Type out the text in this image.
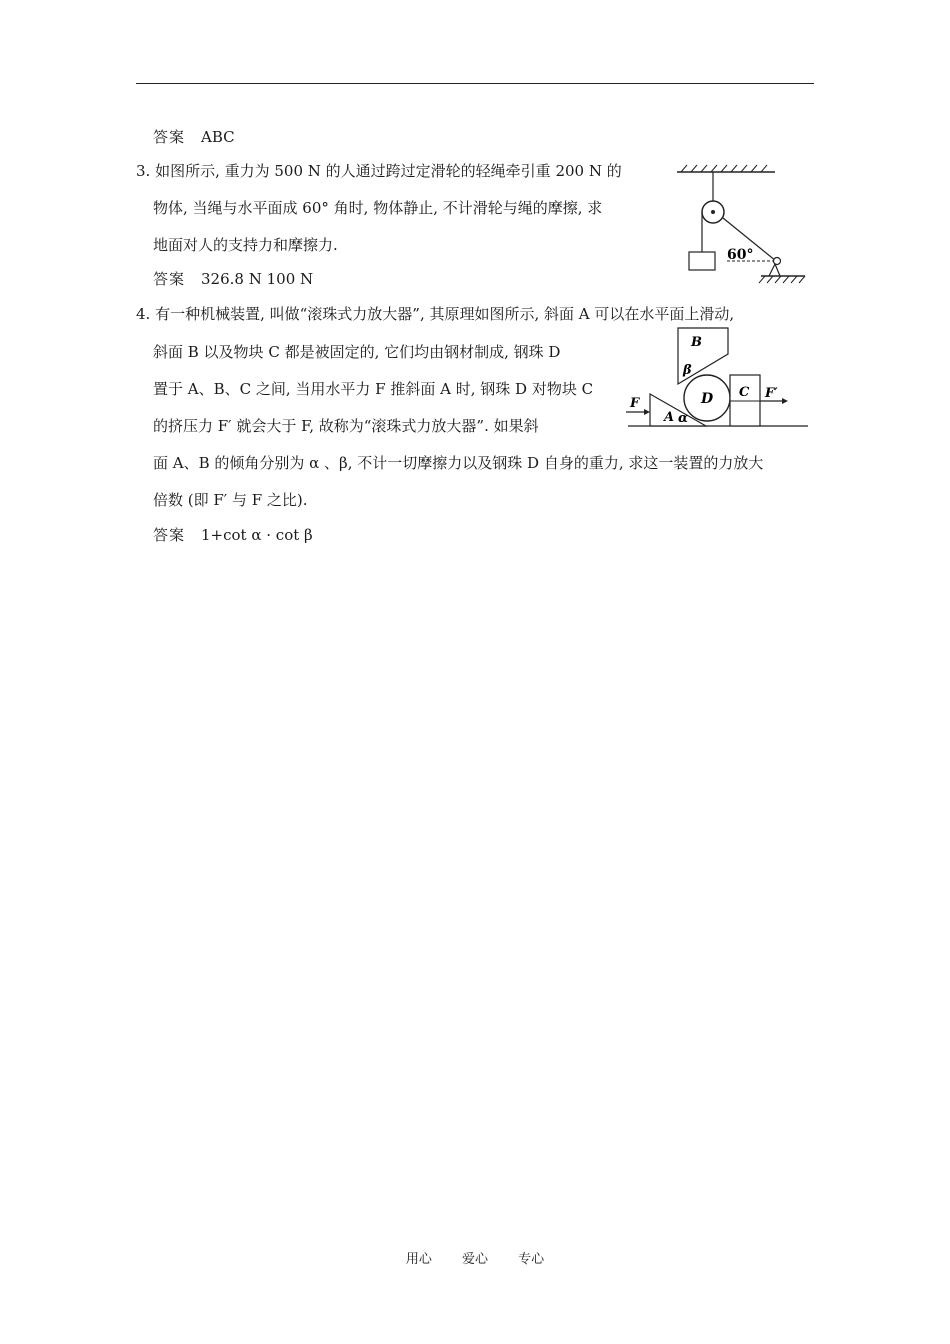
答案 ABC
3. 如图所示, 重力为 500 N 的人通过跨过定滑轮的轻绳牵引重 200 N 的
物体, 当绳与水平面成 60° 角时, 物体静止, 不计滑轮与绳的摩擦, 求
地面对人的支持力和摩擦力.
答案 326.8 N 100 N
60°
4. 有一种机械装置, 叫做“滚珠式力放大器”, 其原理如图所示, 斜面 A 可以在水平面上滑动,
斜面 B 以及物块 C 都是被固定的, 它们均由钢材制成, 钢珠 D
置于 A、B、C 之间, 当用水平力 F 推斜面 A 时, 钢珠 D 对物块 C
的挤压力 F′ 就会大于 F, 故称为“滚珠式力放大器”. 如果斜
面 A、B 的倾角分别为 α 、β, 不计一切摩擦力以及钢珠 D 自身的重力, 求这一装置的力放大
倍数 (即 F′ 与 F 之比).
答案 1+cot α · cot β
B
β
A α
D C F′
F
用心 爱心 专心
